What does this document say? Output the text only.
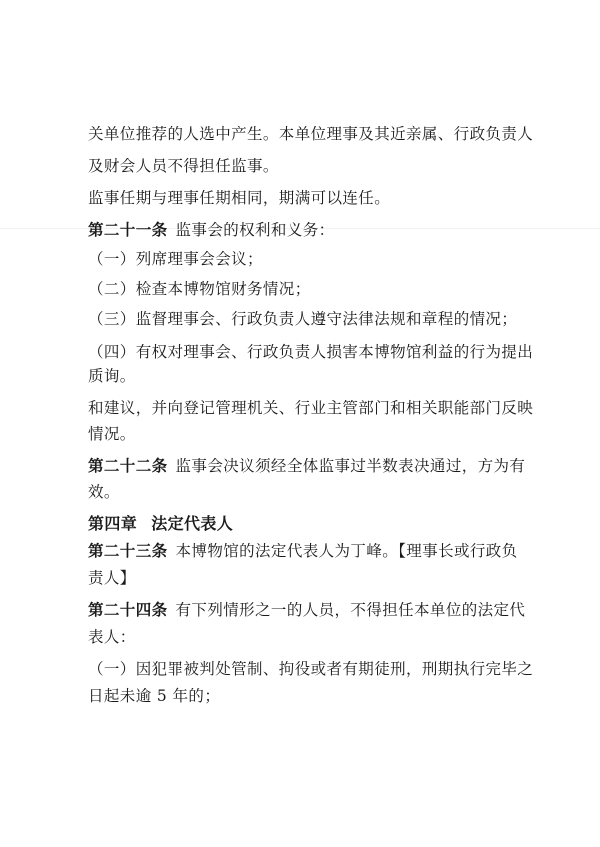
关单位推荐的人选中产生。本单位理事及其近亲属、行政负责人
及财会人员不得担任监事。
监事任期与理事任期相同，期满可以连任。
第二十一条 监事会的权利和义务：
（一）列席理事会会议；
（二）检查本博物馆财务情况；
（三）监督理事会、行政负责人遵守法律法规和章程的情况；
（四）有权对理事会、行政负责人损害本博物馆利益的行为提出
质询。
和建议，并向登记管理机关、行业主管部门和相关职能部门反映
情况。
第二十二条 监事会决议须经全体监事过半数表决通过，方为有
效。
第四章 法定代表人
第二十三条 本博物馆的法定代表人为丁峰。【理事长或行政负
责人】
第二十四条 有下列情形之一的人员，不得担任本单位的法定代
表人：
（一）因犯罪被判处管制、拘役或者有期徒刑，刑期执行完毕之
日起未逾 5 年的；
